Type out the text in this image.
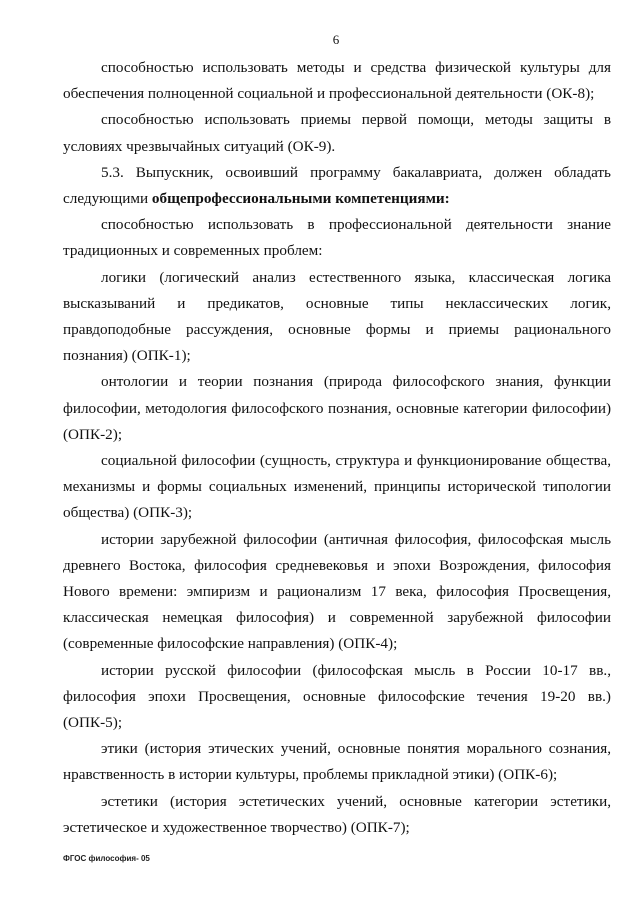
6

способностью использовать методы и средства физической культуры для обеспечения полноценной социальной и профессиональной деятельности (ОК-8);

способностью использовать приемы первой помощи, методы защиты в условиях чрезвычайных ситуаций (ОК-9).

5.3. Выпускник, освоивший программу бакалавриата, должен обладать следующими общепрофессиональными компетенциями:

способностью использовать в профессиональной деятельности знание традиционных и современных проблем:

логики (логический анализ естественного языка, классическая логика высказываний и предикатов, основные типы неклассических логик, правдоподобные рассуждения, основные формы и приемы рационального познания) (ОПК-1);

онтологии и теории познания (природа философского знания, функции философии, методология философского познания, основные категории философии) (ОПК-2);

социальной философии (сущность, структура и функционирование общества, механизмы и формы социальных изменений, принципы исторической типологии общества) (ОПК-3);

истории зарубежной философии (античная философия, философская мысль древнего Востока, философия средневековья и эпохи Возрождения, философия Нового времени: эмпиризм и рационализм 17 века, философия Просвещения, классическая немецкая философия) и современной зарубежной философии (современные философские направления) (ОПК-4);

истории русской философии (философская мысль в России 10-17 вв., философия эпохи Просвещения, основные философские течения 19-20 вв.) (ОПК-5);

этики (история этических учений, основные понятия морального сознания, нравственность в истории культуры, проблемы прикладной этики) (ОПК-6);

эстетики (история эстетических учений, основные категории эстетики, эстетическое и художественное творчество) (ОПК-7);

ФГОС философия- 05
